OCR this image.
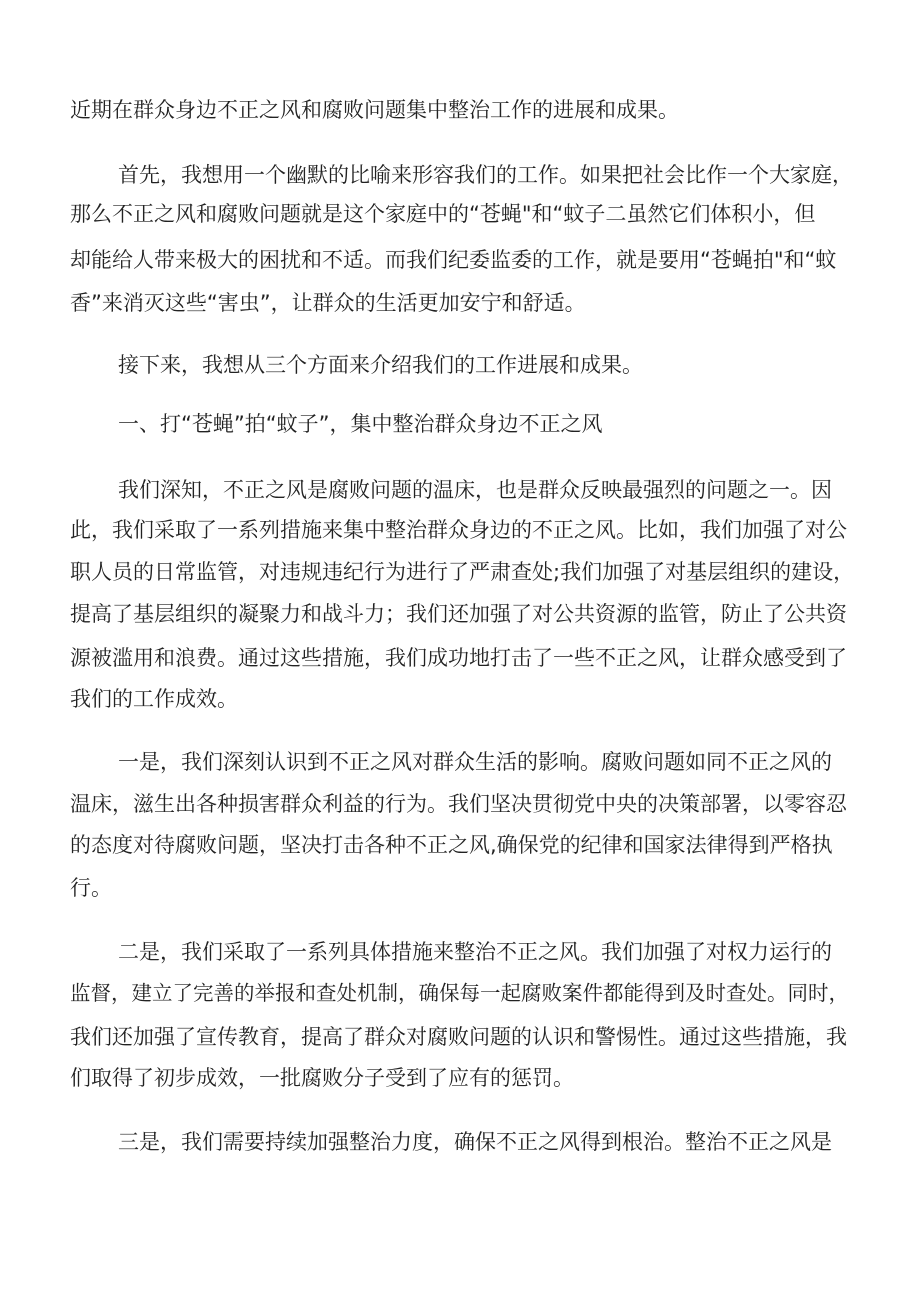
近期在群众身边不正之风和腐败问题集中整治工作的进展和成果。
首先，我想用一个幽默的比喻来形容我们的工作。如果把社会比作一个大家庭，
那么不正之风和腐败问题就是这个家庭中的“苍蝇"和“蚊子二虽然它们体积小，但
却能给人带来极大的困扰和不适。而我们纪委监委的工作，就是要用“苍蝇拍"和“蚊
香”来消灭这些“害虫”，让群众的生活更加安宁和舒适。
接下来，我想从三个方面来介绍我们的工作进展和成果。
一、打“苍蝇”拍“蚊子”，集中整治群众身边不正之风
我们深知，不正之风是腐败问题的温床，也是群众反映最强烈的问题之一。因
此，我们采取了一系列措施来集中整治群众身边的不正之风。比如，我们加强了对公
职人员的日常监管，对违规违纪行为进行了严肃查处;我们加强了对基层组织的建设，
提高了基层组织的凝聚力和战斗力；我们还加强了对公共资源的监管，防止了公共资
源被滥用和浪费。通过这些措施，我们成功地打击了一些不正之风，让群众感受到了
我们的工作成效。
一是，我们深刻认识到不正之风对群众生活的影响。腐败问题如同不正之风的
温床，滋生出各种损害群众利益的行为。我们坚决贯彻党中央的决策部署，以零容忍
的态度对待腐败问题，坚决打击各种不正之风,确保党的纪律和国家法律得到严格执
行。
二是，我们采取了一系列具体措施来整治不正之风。我们加强了对权力运行的
监督，建立了完善的举报和查处机制，确保每一起腐败案件都能得到及时查处。同时，
我们还加强了宣传教育，提高了群众对腐败问题的认识和警惕性。通过这些措施，我
们取得了初步成效，一批腐败分子受到了应有的惩罚。
三是，我们需要持续加强整治力度，确保不正之风得到根治。整治不正之风是
